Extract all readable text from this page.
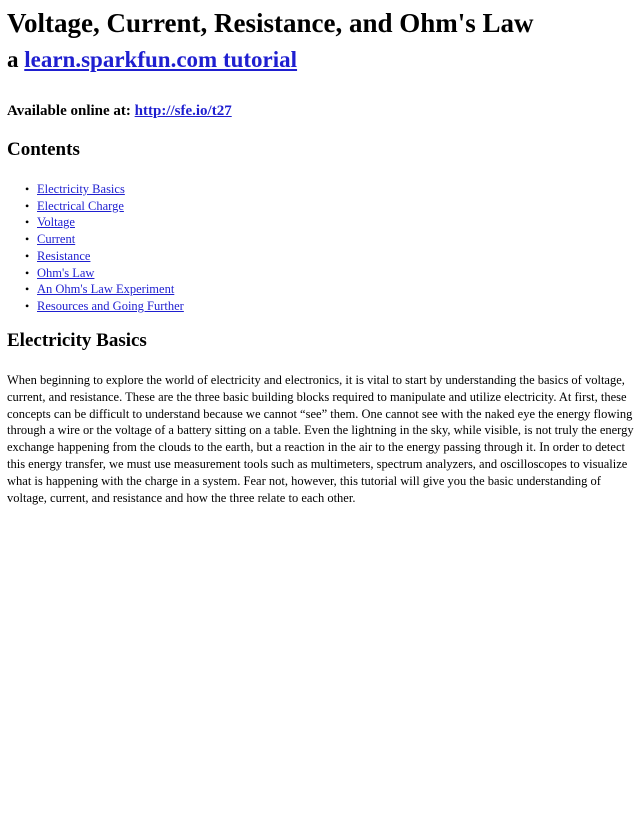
Voltage, Current, Resistance, and Ohm's Law
a learn.sparkfun.com tutorial
Available online at: http://sfe.io/t27
Contents
• Electricity Basics
• Electrical Charge
• Voltage
• Current
• Resistance
• Ohm's Law
• An Ohm's Law Experiment
• Resources and Going Further
Electricity Basics

When beginning to explore the world of electricity and electronics, it is vital to start by understanding the basics of voltage, current, and resistance. These are the three basic building blocks required to manipulate and utilize electricity. At first, these concepts can be difficult to understand because we cannot “see” them. One cannot see with the naked eye the energy flowing through a wire or the voltage of a battery sitting on a table. Even the lightning in the sky, while visible, is not truly the energy exchange happening from the clouds to the earth, but a reaction in the air to the energy passing through it. In order to detect this energy transfer, we must use measurement tools such as multimeters, spectrum analyzers, and oscilloscopes to visualize what is happening with the charge in a system. Fear not, however, this tutorial will give you the basic understanding of voltage, current, and resistance and how the three relate to each other.
